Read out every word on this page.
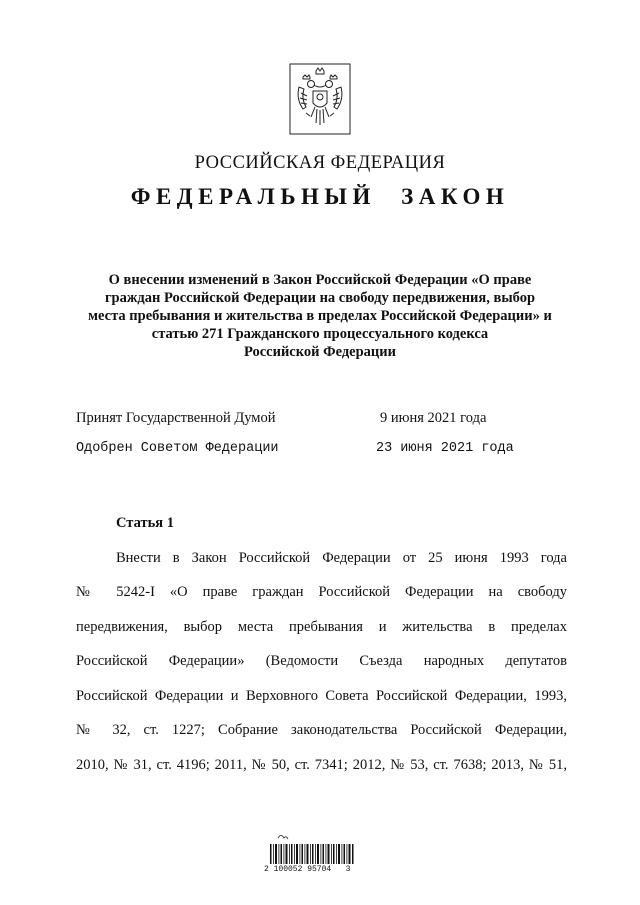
РОССИЙСКАЯ ФЕДЕРАЦИЯ
ФЕДЕРАЛЬНЫЙ ЗАКОН
О внесении изменений в Закон Российской Федерации «О праве
граждан Российской Федерации на свободу передвижения, выбор
места пребывания и жительства в пределах Российской Федерации» и
статью 271 Гражданского процессуального кодекса
Российской Федерации
Принят Государственной Думой	9 июня 2021 года
Одобрен Советом Федерации	23 июня 2021 года
Статья 1
Внести в Закон Российской Федерации от 25 июня 1993 года
№ 5242-I «О праве граждан Российской Федерации на свободу
передвижения, выбор места пребывания и жительства в пределах
Российской Федерации» (Ведомости Съезда народных депутатов
Российской Федерации и Верховного Совета Российской Федерации, 1993,
№ 32, ст. 1227; Собрание законодательства Российской Федерации,
2010, № 31, ст. 4196; 2011, № 50, ст. 7341; 2012, № 53, ст. 7638; 2013, № 51,
2 100052 95704   3
